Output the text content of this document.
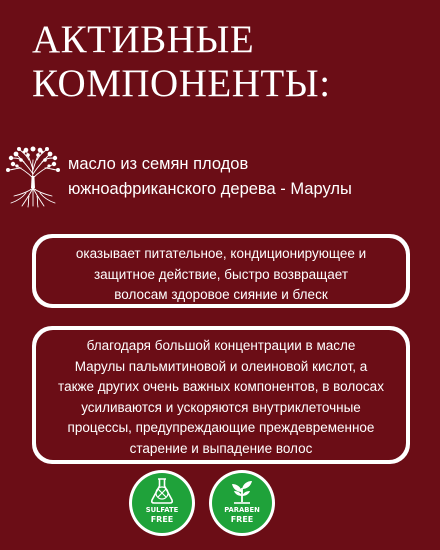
АКТИВНЫЕ
КОМПОНЕНТЫ:
масло из семян плодов
южноафриканского дерева - Марулы
оказывает питательное, кондиционирующее и
защитное действие, быстро возвращает
волосам здоровое сияние и блеск
благодаря большой концентрации в масле
Марулы пальмитиновой и олеиновой кислот, а
также других очень важных компонентов, в волосах
усиливаются и ускоряются внутриклеточные
процессы, предупреждающие преждевременное
старение и выпадение волос
SULFATE
FREE
PARABEN
FREE
